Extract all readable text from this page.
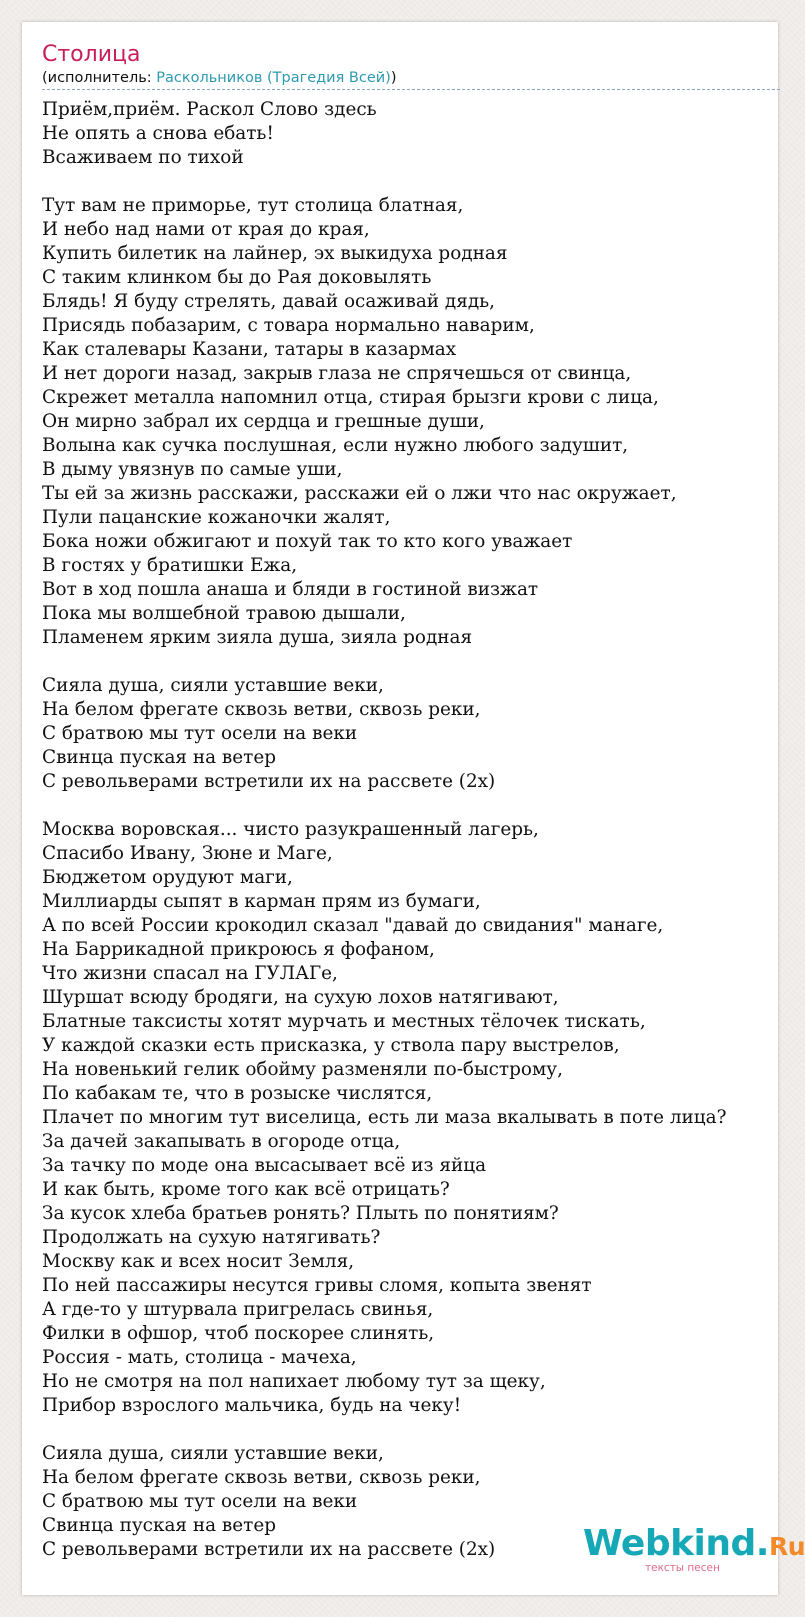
Столица
(исполнитель: Раскольников (Трагедия Всей))
Приём,приём. Раскол Слово здесь
Не опять а снова ебать!
Всаживаем по тихой

Тут вам не приморье, тут столица блатная,
И небо над нами от края до края,
Купить билетик на лайнер, эх выкидуха родная
С таким клинком бы до Рая доковылять
Блядь! Я буду стрелять, давай осаживай дядь,
Присядь побазарим, с товара нормально наварим,
Как сталевары Казани, татары в казармах
И нет дороги назад, закрыв глаза не спрячешься от свинца,
Скрежет металла напомнил отца, стирая брызги крови с лица,
Он мирно забрал их сердца и грешные души,
Волына как сучка послушная, если нужно любого задушит,
В дыму увязнув по самые уши,
Ты ей за жизнь расскажи, расскажи ей о лжи что нас окружает,
Пули пацанские кожаночки жалят,
Бока ножи обжигают и похуй так то кто кого уважает
В гостях у братишки Ежа,
Вот в ход пошла анаша и бляди в гостиной визжат
Пока мы волшебной травою дышали,
Пламенем ярким зияла душа, зияла родная

Сияла душа, сияли уставшие веки,
На белом фрегате сквозь ветви, сквозь реки,
С братвою мы тут осели на веки
Свинца пуская на ветер
С револьверами встретили их на рассвете (2x)

Москва воровская... чисто разукрашенный лагерь,
Спасибо Ивану, Зюне и Маге,
Бюджетом орудуют маги,
Миллиарды сыпят в карман прям из бумаги,
А по всей России крокодил сказал "давай до свидания" манаге,
На Баррикадной прикроюсь я фофаном,
Что жизни спасал на ГУЛАГе,
Шуршат всюду бродяги, на сухую лохов натягивают,
Блатные таксисты хотят мурчать и местных тёлочек тискать,
У каждой сказки есть присказка, у ствола пару выстрелов,
На новенький гелик обойму разменяли по-быстрому,
По кабакам те, что в розыске числятся,
Плачет по многим тут виселица, есть ли маза вкалывать в поте лица?
За дачей закапывать в огороде отца,
За тачку по моде она высасывает всё из яйца
И как быть, кроме того как всё отрицать?
За кусок хлеба братьев ронять? Плыть по понятиям?
Продолжать на сухую натягивать?
Москву как и всех носит Земля,
По ней пассажиры несутся гривы сломя, копыта звенят
А где-то у штурвала пригрелась свинья,
Филки в офшор, чтоб поскорее слинять,
Россия - мать, столица - мачеха,
Но не смотря на пол напихает любому тут за щеку,
Прибор взрослого мальчика, будь на чеку!

Сияла душа, сияли уставшие веки,
На белом фрегате сквозь ветви, сквозь реки,
С братвою мы тут осели на веки
Свинца пуская на ветер
С револьверами встретили их на рассвете (2x)	Webkind.Ru
тексты песен
